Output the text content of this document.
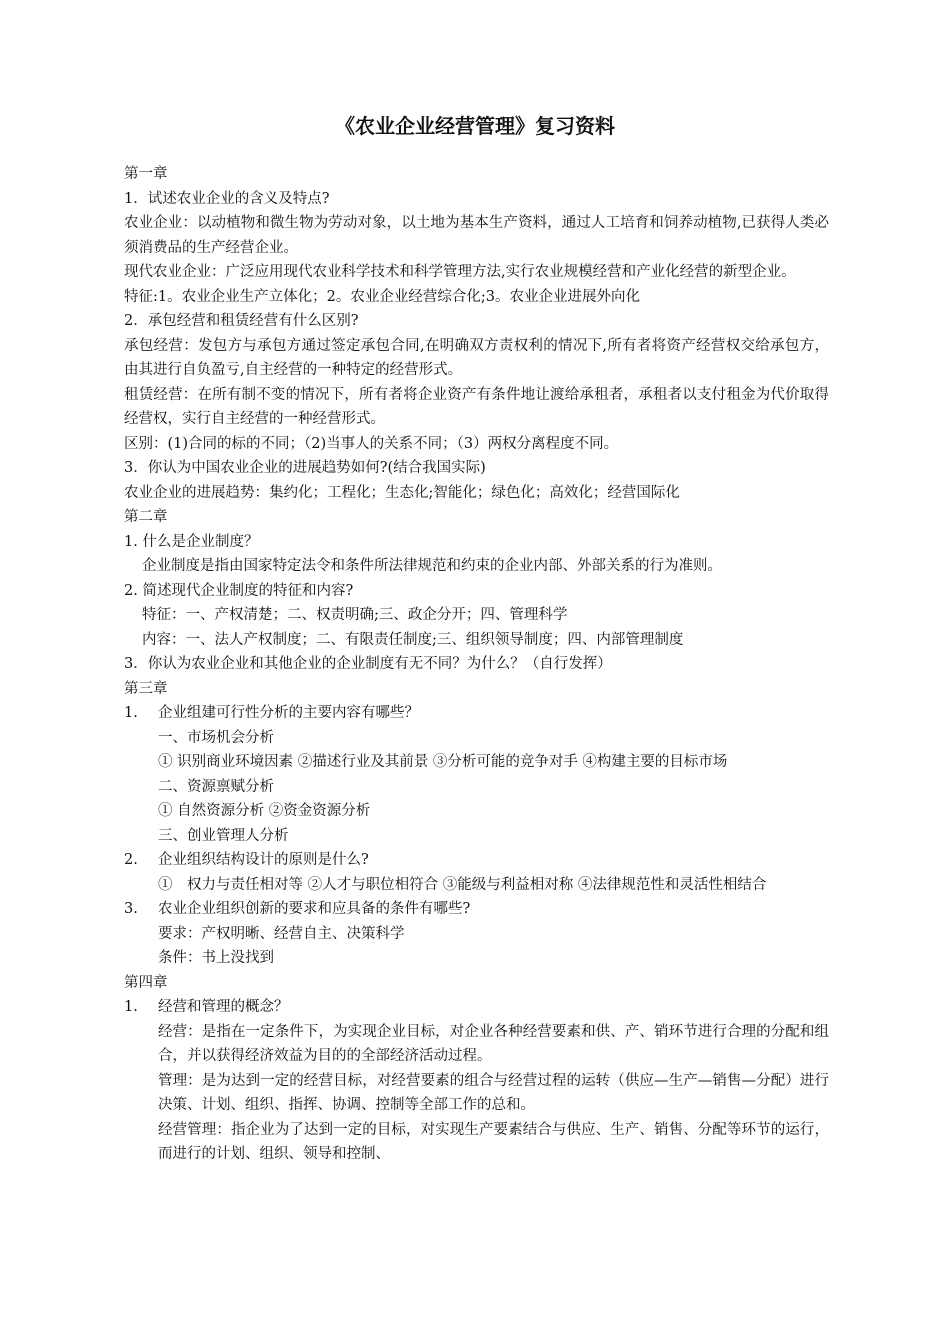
《农业企业经营管理》复习资料

第一章

1．试述农业企业的含义及特点?

农业企业：以动植物和微生物为劳动对象，以土地为基本生产资料，通过人工培育和饲养动植物,已获得人类必须消费品的生产经营企业。

现代农业企业：广泛应用现代农业科学技术和科学管理方法,实行农业规模经营和产业化经营的新型企业。

特征:1。农业企业生产立体化；2。农业企业经营综合化;3。农业企业进展外向化

2．承包经营和租赁经营有什么区别?

承包经营：发包方与承包方通过签定承包合同,在明确双方责权利的情况下,所有者将资产经营权交给承包方，由其进行自负盈亏,自主经营的一种特定的经营形式。

租赁经营：在所有制不变的情况下，所有者将企业资产有条件地让渡给承租者，承租者以支付租金为代价取得经营权，实行自主经营的一种经营形式。

区别：(1)合同的标的不同；（2)当事人的关系不同；（3）两权分离程度不同。

3．你认为中国农业企业的进展趋势如何?(结合我国实际)

农业企业的进展趋势：集约化；工程化；生态化;智能化；绿色化；高效化；经营国际化

第二章

1. 什么是企业制度？

企业制度是指由国家特定法令和条件所法律规范和约束的企业内部、外部关系的行为准则。

2. 简述现代企业制度的特征和内容?

特征：一、产权清楚；二、权责明确;三、政企分开；四、管理科学

内容：一、法人产权制度；二、有限责任制度;三、组织领导制度；四、内部管理制度

3．你认为农业企业和其他企业的企业制度有无不同？为什么？（自行发挥）

第三章

1. 企业组建可行性分析的主要内容有哪些？

一、市场机会分析

① 识别商业环境因素 ②描述行业及其前景 ③分析可能的竞争对手 ④构建主要的目标市场

二、资源禀赋分析

① 自然资源分析 ②资金资源分析

三、创业管理人分析

2. 企业组织结构设计的原则是什么?

①　权力与责任相对等 ②人才与职位相符合 ③能级与利益相对称 ④法律规范性和灵活性相结合

3. 农业企业组织创新的要求和应具备的条件有哪些?

要求：产权明晰、经营自主、决策科学

条件：书上没找到

第四章

1. 经营和管理的概念？

经营：是指在一定条件下，为实现企业目标，对企业各种经营要素和供、产、销环节进行合理的分配和组合，并以获得经济效益为目的的全部经济活动过程。

管理：是为达到一定的经营目标，对经营要素的组合与经营过程的运转（供应—生产—销售—分配）进行决策、计划、组织、指挥、协调、控制等全部工作的总和。

经营管理：指企业为了达到一定的目标，对实现生产要素结合与供应、生产、销售、分配等环节的运行，而进行的计划、组织、领导和控制、
